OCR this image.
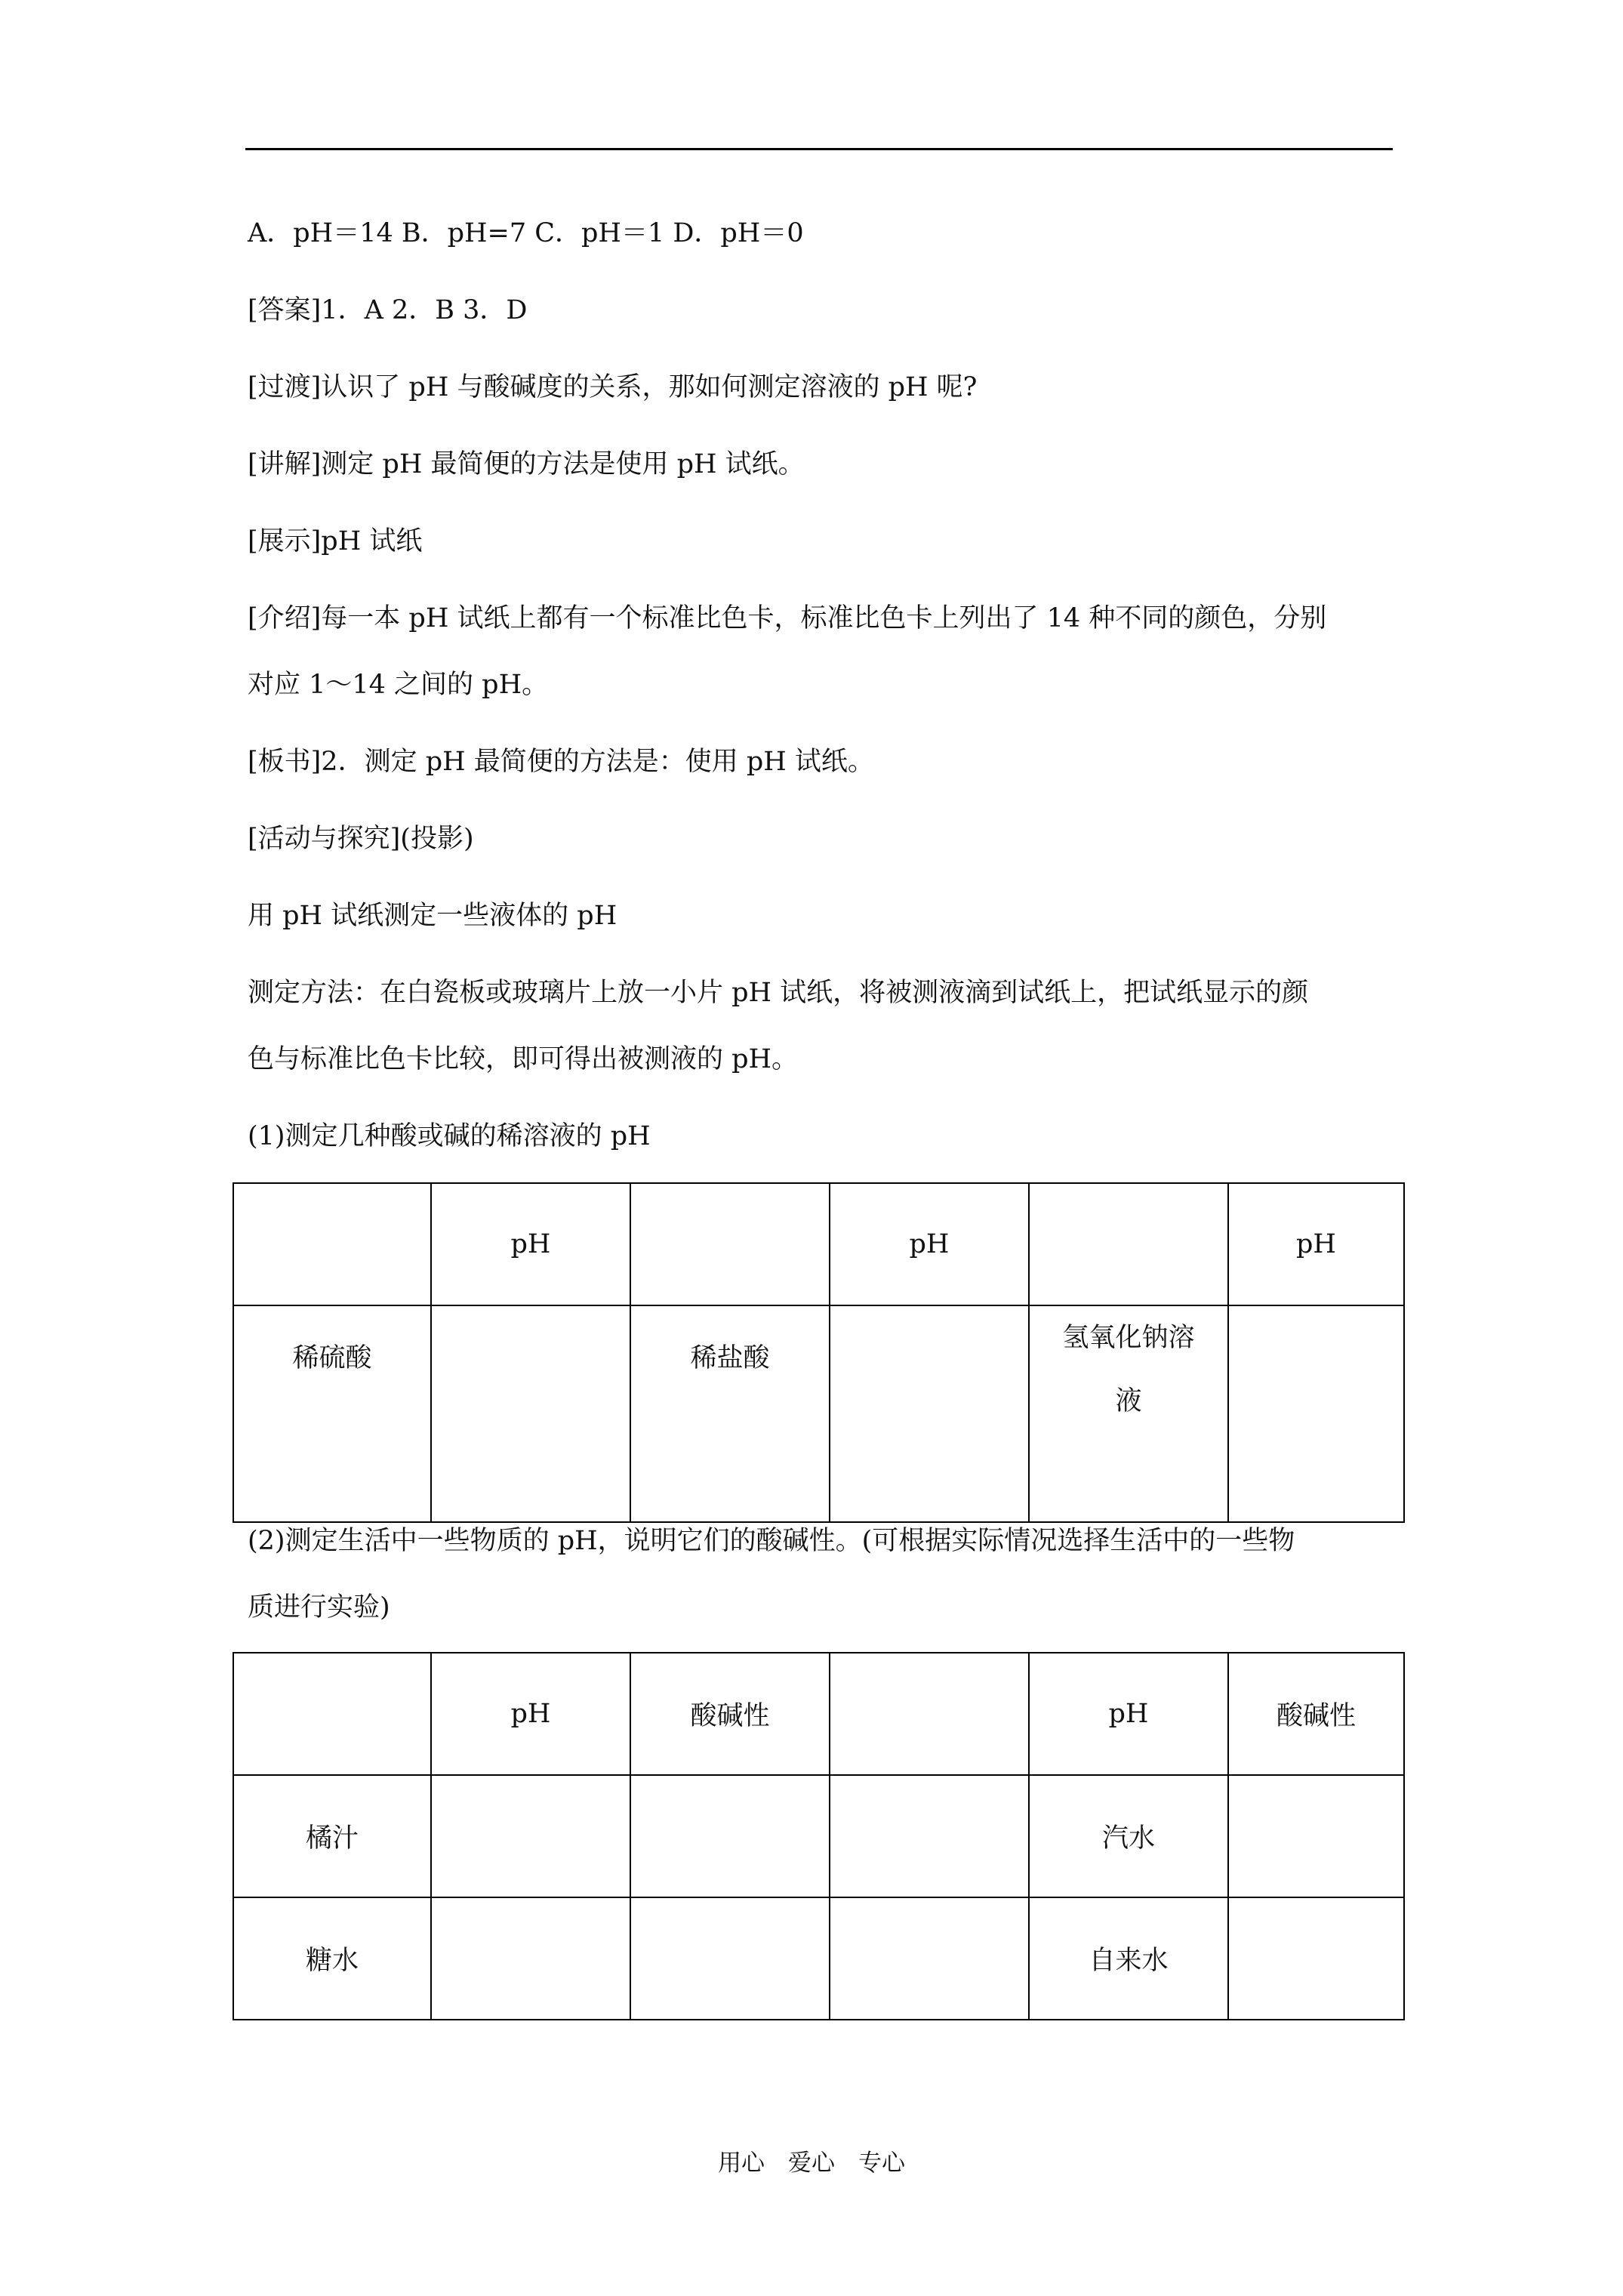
A．pH＝14 B．pH=7 C．pH＝1 D．pH＝0
[答案]1．A 2．B 3．D
[过渡]认识了 pH 与酸碱度的关系，那如何测定溶液的 pH 呢?
[讲解]测定 pH 最简便的方法是使用 pH 试纸。
[展示]pH 试纸
[介绍]每一本 pH 试纸上都有一个标准比色卡，标准比色卡上列出了 14 种不同的颜色，分别
对应 1～14 之间的 pH。
[板书]2．测定 pH 最简便的方法是：使用 pH 试纸。
[活动与探究](投影)
用 pH 试纸测定一些液体的 pH
测定方法：在白瓷板或玻璃片上放一小片 pH 试纸，将被测液滴到试纸上，把试纸显示的颜
色与标准比色卡比较，即可得出被测液的 pH。
(1)测定几种酸或碱的稀溶液的 pH
	pH		pH		pH
稀硫酸		稀盐酸		氢氧化钠溶
液	

(2)测定生活中一些物质的 pH，说明它们的酸碱性。(可根据实际情况选择生活中的一些物
质进行实验)
	pH	酸碱性		pH	酸碱性
橘汁				汽水	
糖水				自来水	
用心　爱心　专心
